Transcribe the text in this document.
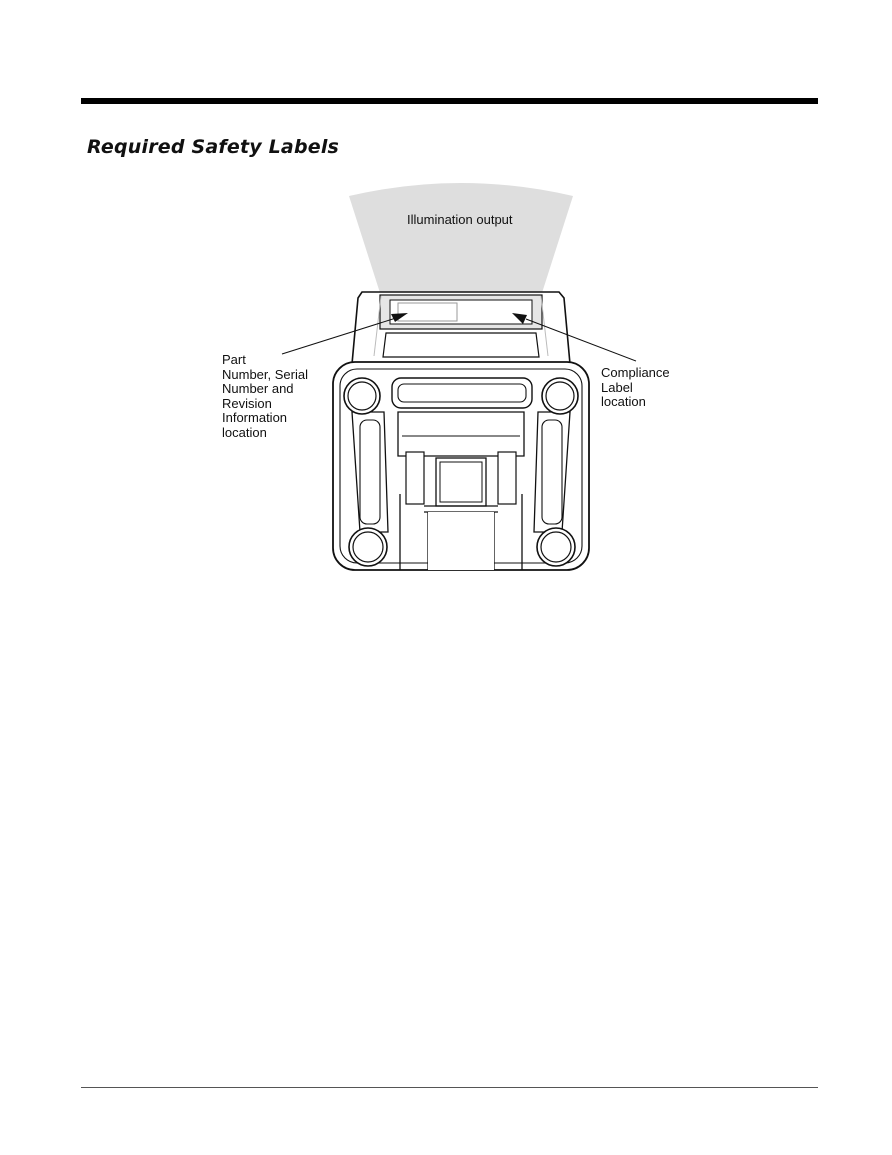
Required Safety Labels
Illumination output
Part
Number, Serial
Number and
Revision
Information
location
Compliance
Label
location
